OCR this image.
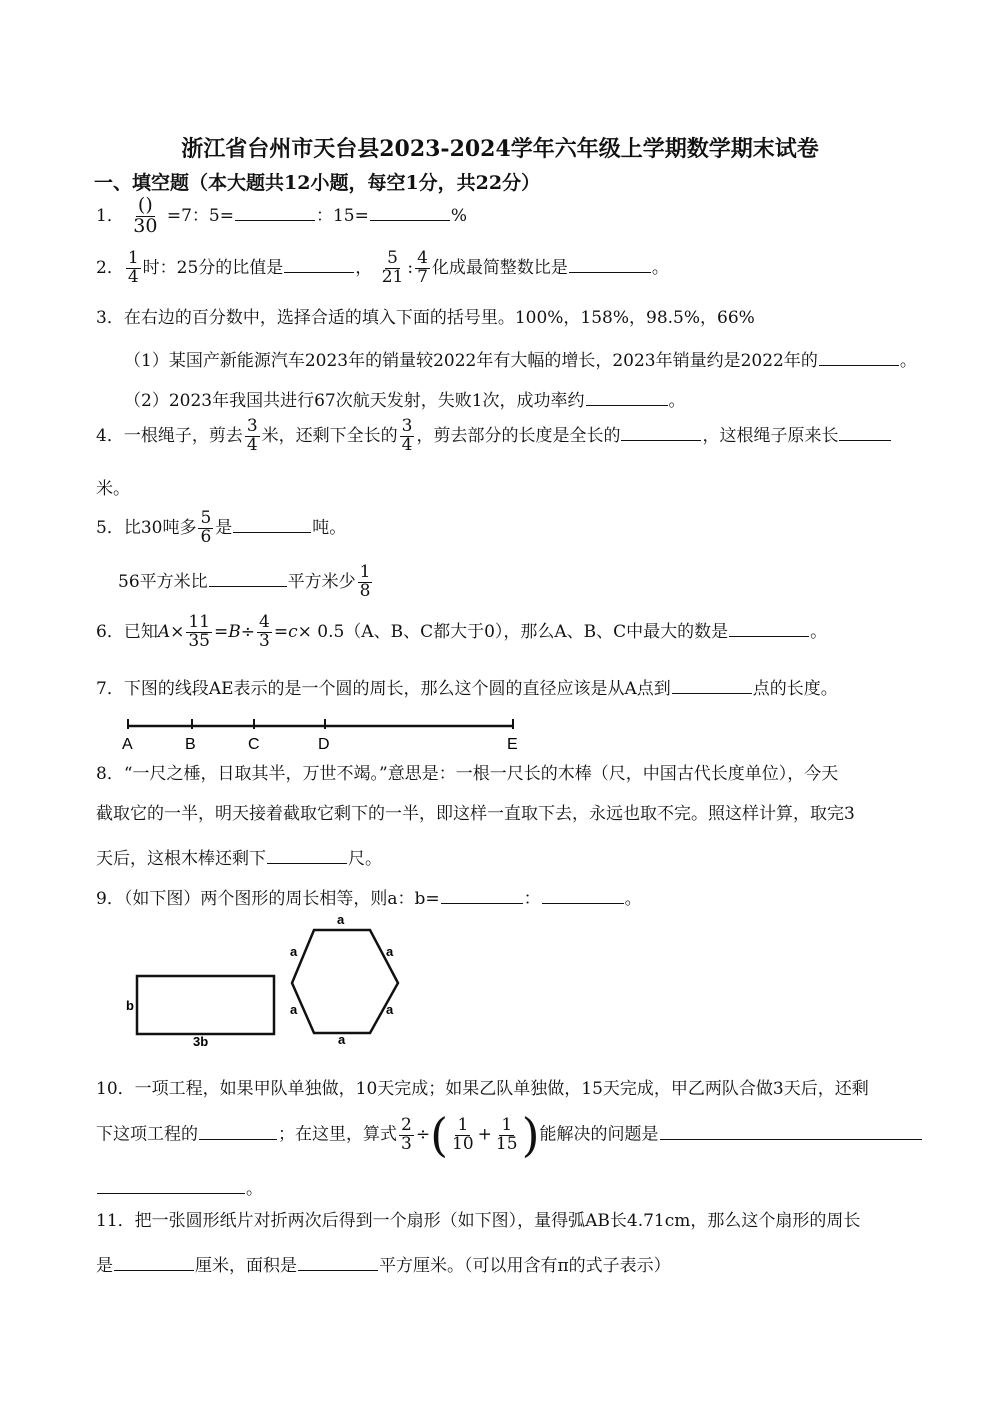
浙江省台州市天台县2023-2024学年六年级上学期数学期末试卷
一、填空题（本大题共12小题，每空1分，共22分）
1． $\frac{()}{30} =7$：5=	：15=	%
2． $\frac{1}{4}$ 时：25分的比值是	， $\frac{5}{21}$ : $\frac{4}{7}$ 化成最简整数比是	。
3．在右边的百分数中，选择合适的填入下面的括号里。100%，158%，98.5%，66%
（1）某国产新能源汽车2023年的销量较2022年有大幅的增长，2023年销量约是2022年的	。
（2）2023年我国共进行67次航天发射，失败1次，成功率约	。
4．一根绳子，剪去 $\frac{3}{4}$ 米，还剩下全长的 $\frac{3}{4}$ ，剪去部分的长度是全长的	，这根绳子原来长
米。
5．比30吨多 $\frac{5}{6}$ 是	吨。
56平方米比	平方米少 $\frac{1}{8}$
6．已知$A\times \frac{11}{35} =B\div \frac{4}{3} =c\times 0.5(A$、B、C都大于0），那么A、B、C中最大的数是	。
7．下图的线段AE表示的是一个圆的周长，那么这个圆的直径应该是从A点到	点的长度。
A	B	C	D	E
8．“一尺之棰，日取其半，万世不竭。”意思是：一根一尺长的木棒（尺，中国古代长度单位），今天
截取它的一半，明天接着截取它剩下的一半，即这样一直取下去，永远也取不完。照这样计算，取完3
天后，这根木棒还剩下	尺。
9．（如下图）两个图形的周长相等，则a：b=	：	。
b
3b
a
a	a
a	a
a
10．一项工程，如果甲队单独做，10天完成；如果乙队单独做，15天完成，甲乙两队合做3天后，还剩
下这项工程的	；在这里，算式 $\frac{2}{3}$ ÷( $\frac{1}{10} + \frac{1}{15}$ )能解决的问题是
。
11．把一张圆形纸片对折两次后得到一个扇形（如下图），量得弧AB长4.71cm，那么这个扇形的周长
是	厘米，面积是	平方厘米。（可以用含有π的式子表示）
